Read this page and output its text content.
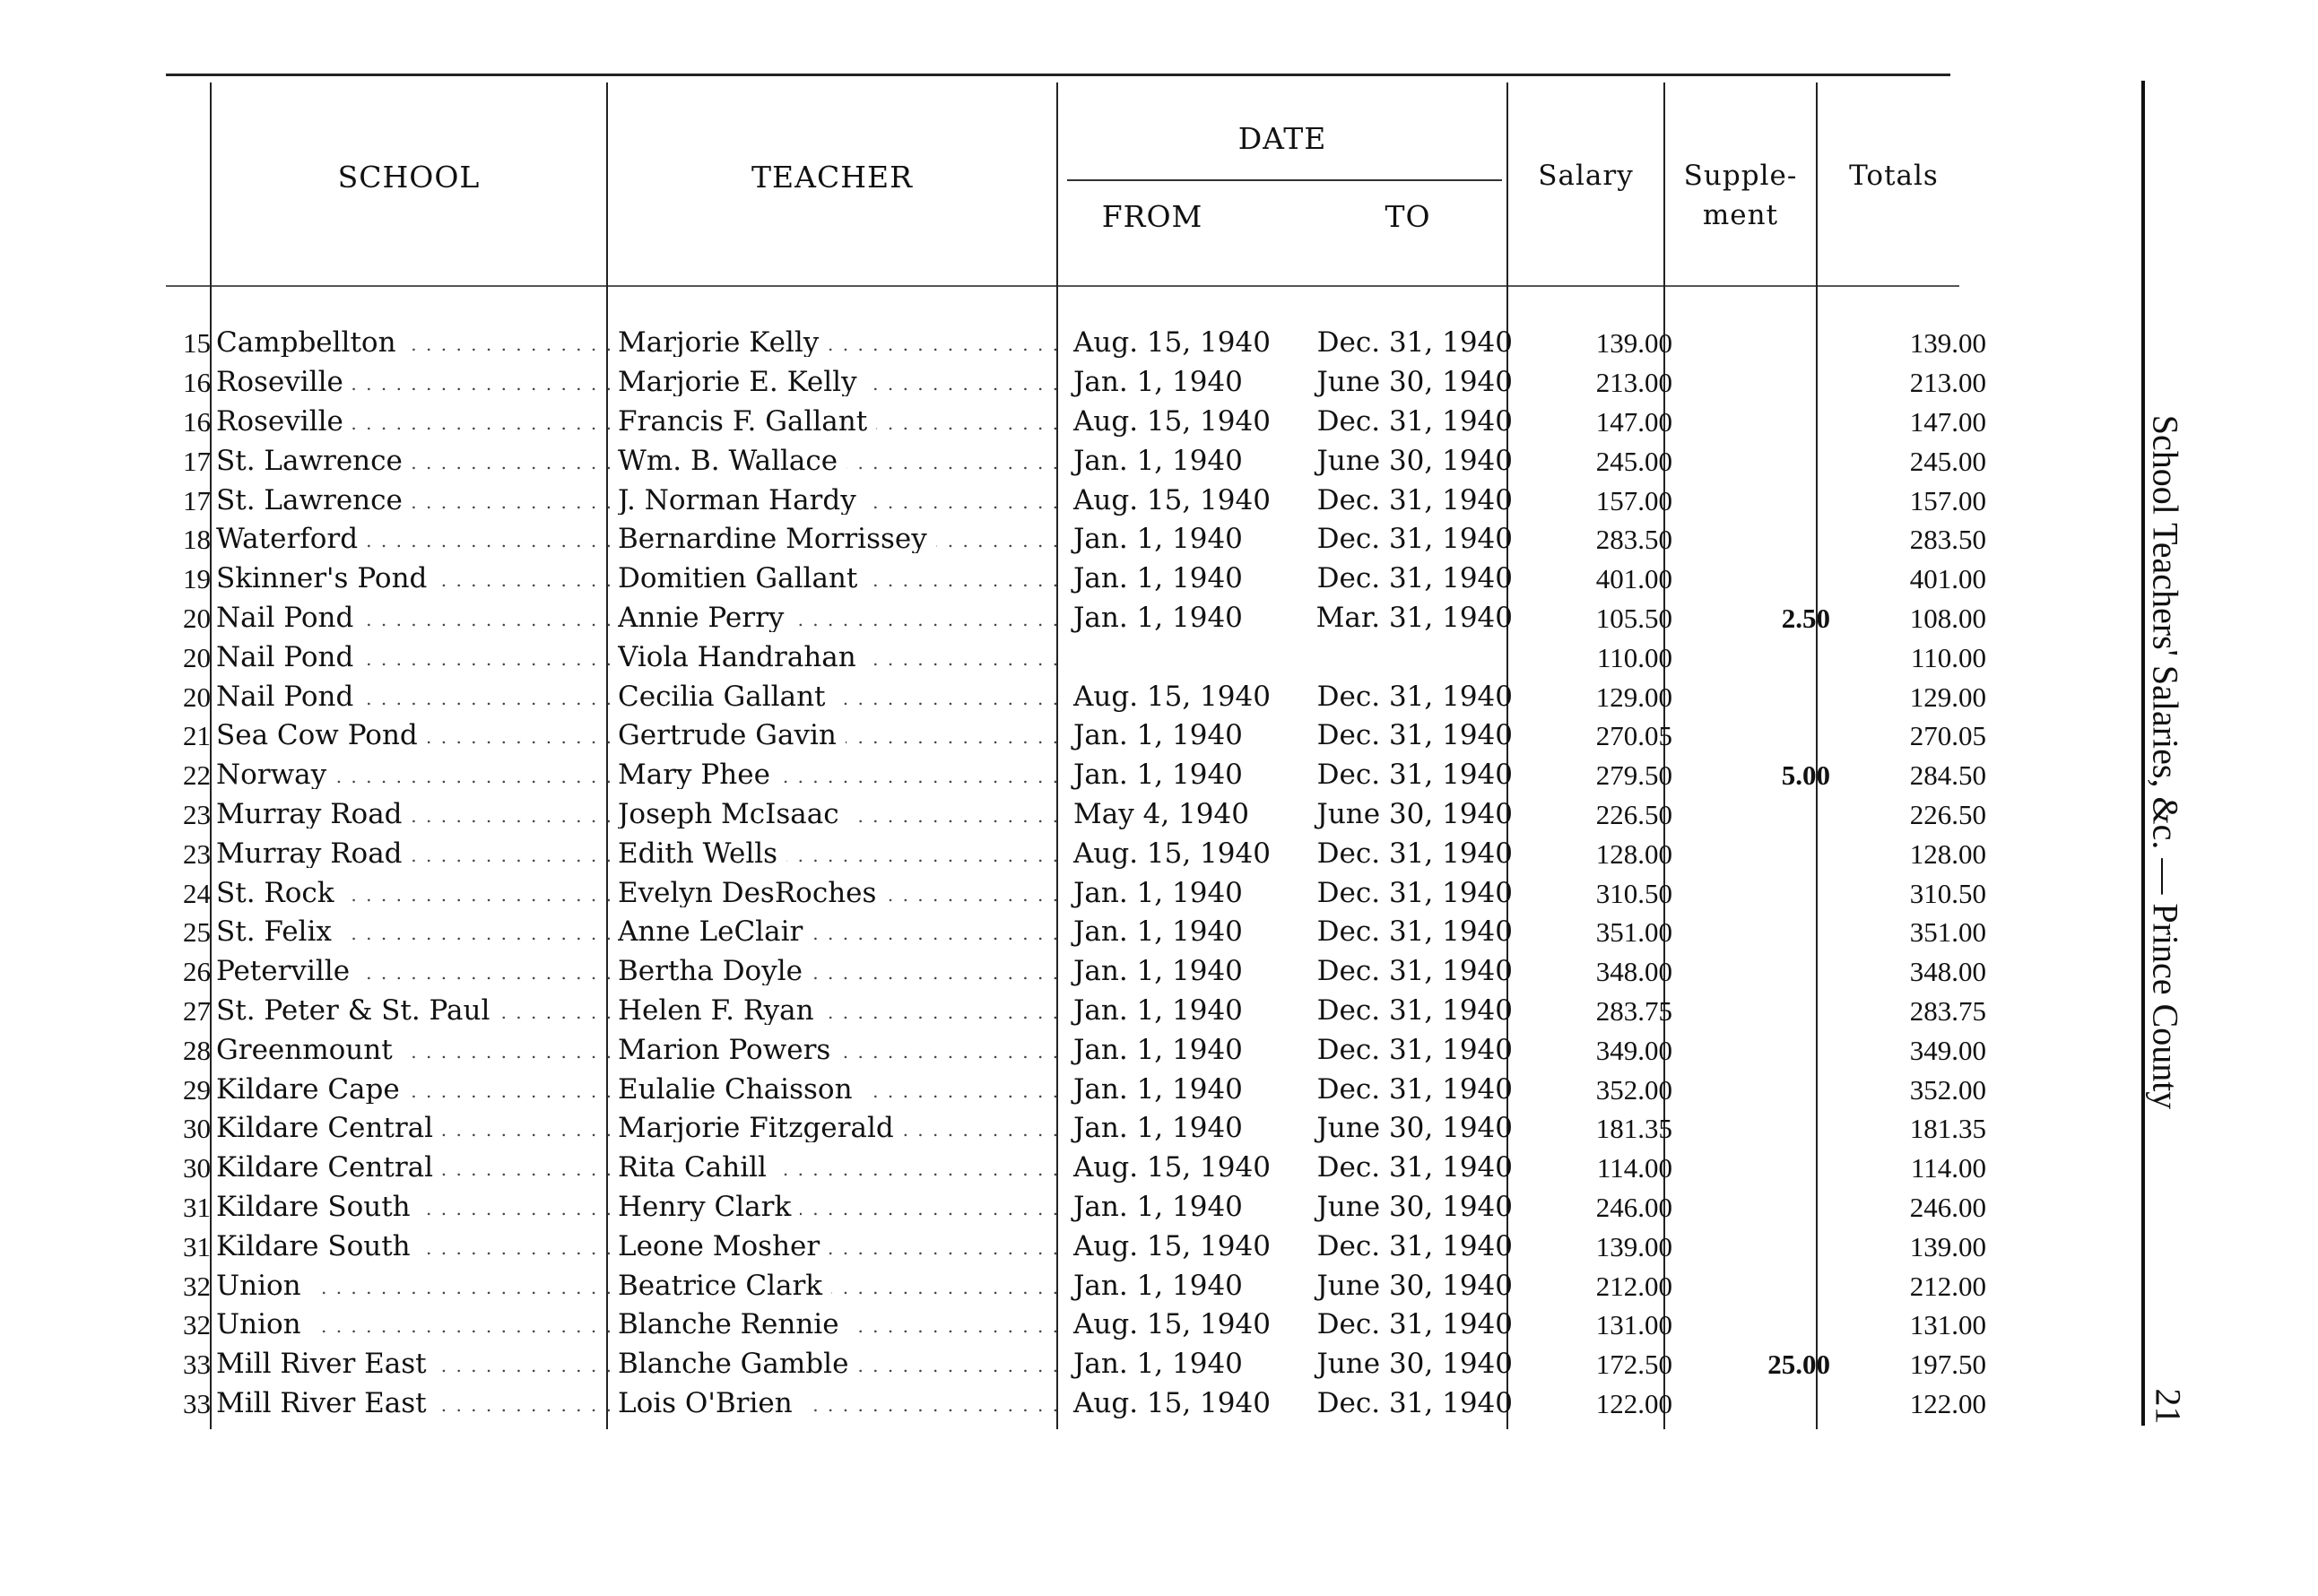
SCHOOL	TEACHER
DATE
FROM	TO
Salary	Supple-
ment
Totals
15	Campbellton . . .	Marjorie Kelly . . .	Aug. 15, 1940	Dec. 31, 1940	139.00		139.00
16	Roseville . . .	Marjorie E. Kelly . . .	Jan. 1, 1940	June 30, 1940	213.00		213.00
16	Roseville . . .	Francis F. Gallant . . .	Aug. 15, 1940	Dec. 31, 1940	147.00		147.00
17	St. Lawrence . . .	Wm. B. Wallace . . .	Jan. 1, 1940	June 30, 1940	245.00		245.00
17	St. Lawrence . . .	J. Norman Hardy . . .	Aug. 15, 1940	Dec. 31, 1940	157.00		157.00
18	Waterford . . .	Bernardine Morrissey . . .	Jan. 1, 1940	Dec. 31, 1940	283.50		283.50
19	Skinner's Pond . . .	Domitien Gallant . . .	Jan. 1, 1940	Dec. 31, 1940	401.00		401.00
20	Nail Pond . . .	Annie Perry . . .	Jan. 1, 1940	Mar. 31, 1940	105.50	2.50	108.00
20	Nail Pond . . .	Viola Handrahan . . .			110.00		110.00
20	Nail Pond . . .	Cecilia Gallant . . .	Aug. 15, 1940	Dec. 31, 1940	129.00		129.00
21	Sea Cow Pond . . .	Gertrude Gavin . . .	Jan. 1, 1940	Dec. 31, 1940	270.05		270.05
22	Norway . . .	Mary Phee . . .	Jan. 1, 1940	Dec. 31, 1940	279.50	5.00	284.50
23	Murray Road . . .	Joseph McIsaac . . .	May 4, 1940	June 30, 1940	226.50		226.50
23	Murray Road . . .	Edith Wells . . .	Aug. 15, 1940	Dec. 31, 1940	128.00		128.00
24	St. Rock . . .	Evelyn DesRoches . . .	Jan. 1, 1940	Dec. 31, 1940	310.50		310.50
25	St. Felix . . .	Anne LeClair . . .	Jan. 1, 1940	Dec. 31, 1940	351.00		351.00
26	Peterville . . .	Bertha Doyle . . .	Jan. 1, 1940	Dec. 31, 1940	348.00		348.00
27	St. Peter & St. Paul . . .	Helen F. Ryan . . .	Jan. 1, 1940	Dec. 31, 1940	283.75		283.75
28	Greenmount . . .	Marion Powers . . .	Jan. 1, 1940	Dec. 31, 1940	349.00		349.00
29	Kildare Cape . . .	Eulalie Chaisson . . .	Jan. 1, 1940	Dec. 31, 1940	352.00		352.00
30	Kildare Central . . .	Marjorie Fitzgerald . . .	Jan. 1, 1940	June 30, 1940	181.35		181.35
30	Kildare Central . . .	Rita Cahill . . .	Aug. 15, 1940	Dec. 31, 1940	114.00		114.00
31	Kildare South . . .	Henry Clark . . .	Jan. 1, 1940	June 30, 1940	246.00		246.00
31	Kildare South . . .	Leone Mosher . . .	Aug. 15, 1940	Dec. 31, 1940	139.00		139.00
32	Union . . .	Beatrice Clark . . .	Jan. 1, 1940	June 30, 1940	212.00		212.00
32	Union . . .	Blanche Rennie . . .	Aug. 15, 1940	Dec. 31, 1940	131.00		131.00
33	Mill River East . . .	Blanche Gamble . . .	Jan. 1, 1940	June 30, 1940	172.50	25.00	197.50
33	Mill River East . . .	Lois O'Brien . . .	Aug. 15, 1940	Dec. 31, 1940	122.00		122.00
School Teachers' Salaries, &c. — Prince County
21
